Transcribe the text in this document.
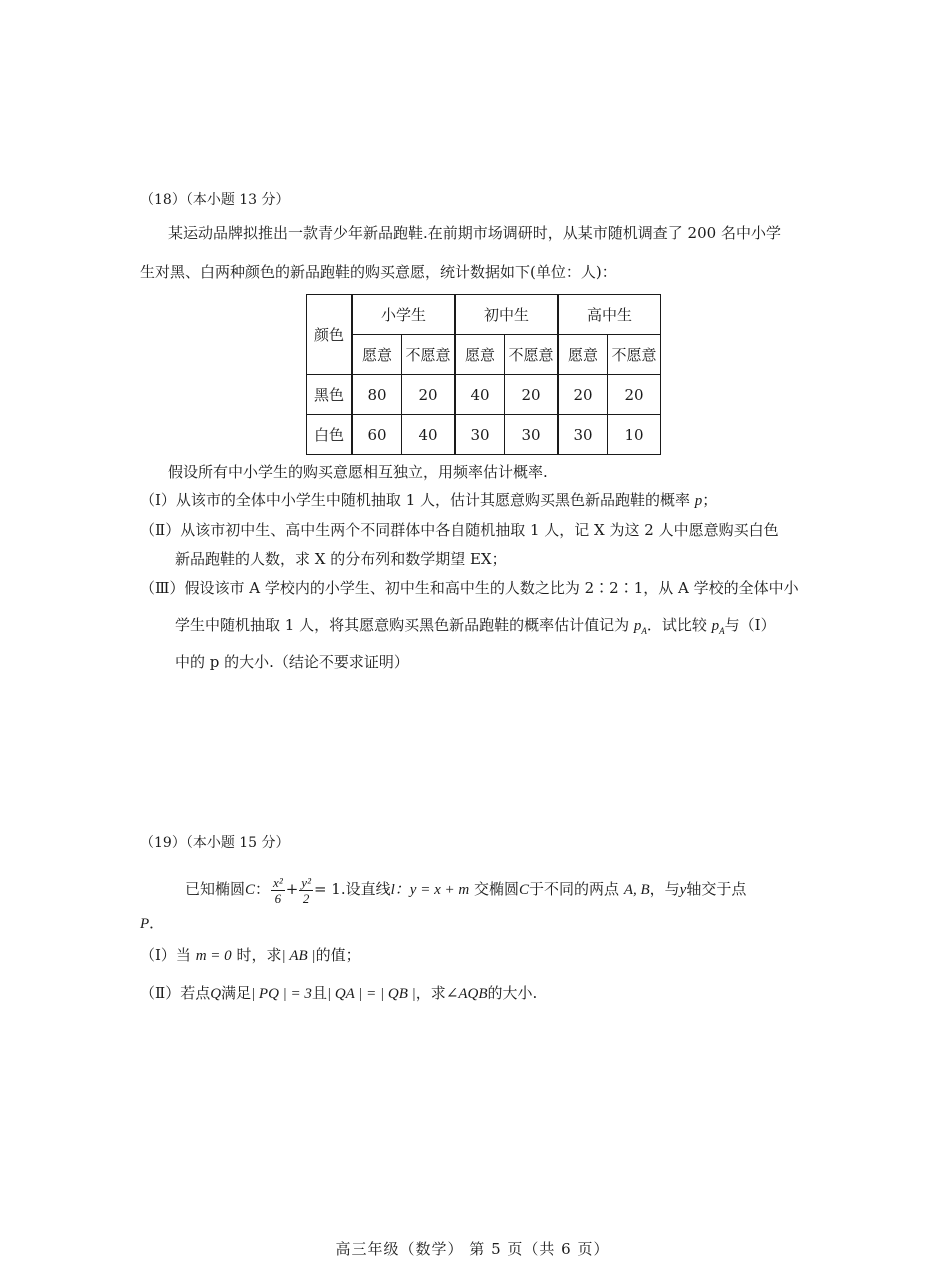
（18）（本小题 13 分）
某运动品牌拟推出一款青少年新品跑鞋.在前期市场调研时，从某市随机调查了 200 名中小学
生对黑、白两种颜色的新品跑鞋的购买意愿，统计数据如下(单位：人)：
颜色	小学生		初中生		高中生	
	愿意	不愿意	愿意	不愿意	愿意	不愿意
黑色	80	20	40	20	20	20
白色	60	40	30	30	30	10
假设所有中小学生的购买意愿相互独立，用频率估计概率.
（Ⅰ）从该市的全体中小学生中随机抽取 1 人，估计其愿意购买黑色新品跑鞋的概率 p；
（Ⅱ）从该市初中生、高中生两个不同群体中各自随机抽取 1 人，记 X 为这 2 人中愿意购买白色
新品跑鞋的人数，求 X 的分布列和数学期望 EX；
（Ⅲ）假设该市 A 学校内的小学生、初中生和高中生的人数之比为 2∶2∶1，从 A 学校的全体中小
学生中随机抽取 1 人，将其愿意购买黑色新品跑鞋的概率估计值记为 $p_A$．试比较 $p_A$与（Ⅰ）
中的 p 的大小.（结论不要求证明）
（19）（本小题 15 分）
已知椭圆C： $\frac{\text{x²}}{6} + \frac{\text{y²}}{2} = 1$.设直线l：y = x + m 交椭圆C于不同的两点 A, B，与y轴交于点
P．
（Ⅰ）当 m = 0 时，求| AB |的值；
（Ⅱ）若点Q满足| PQ | = 3且| QA | = | QB |，求∠AQB的大小.
高三年级（数学） 第 5 页（共 6 页）
